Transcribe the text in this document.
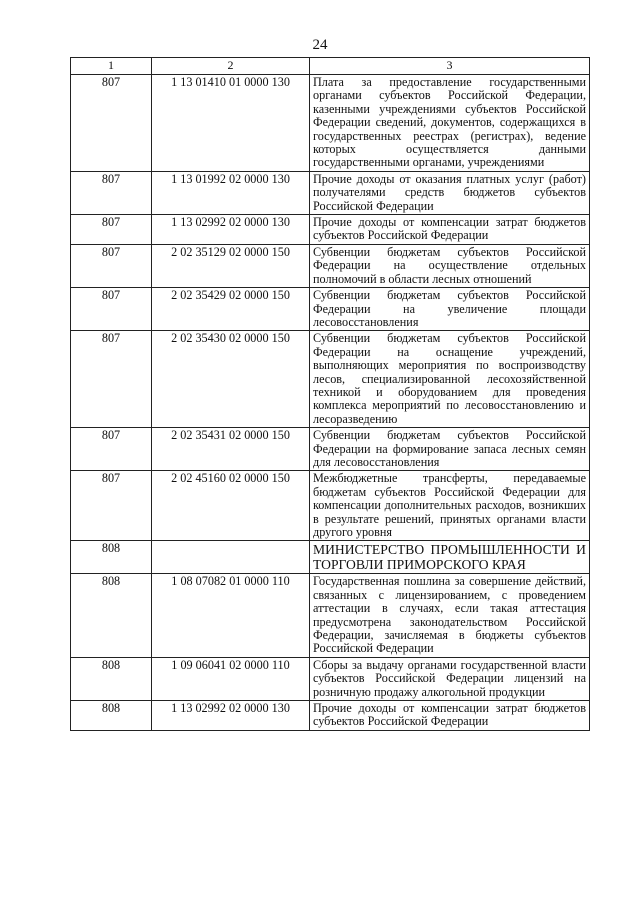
24
1	2	3
807	1 13 01410 01 0000 130	Плата за предоставление государственными органами субъектов Российской Федерации, казенными учреждениями субъектов Российской Федерации сведений, документов, содержащихся в государственных реестрах (регистрах), ведение которых осуществляется данными государственными органами, учреждениями
807	1 13 01992 02 0000 130	Прочие доходы от оказания платных услуг (работ) получателями средств бюджетов субъектов Российской Федерации
807	1 13 02992 02 0000 130	Прочие доходы от компенсации затрат бюджетов субъектов Российской Федерации
807	2 02 35129 02 0000 150	Субвенции бюджетам субъектов Российской Федерации на осуществление отдельных полномочий в области лесных отношений
807	2 02 35429 02 0000 150	Субвенции бюджетам субъектов Российской Федерации на увеличение площади лесовосстановления
807	2 02 35430 02 0000 150	Субвенции бюджетам субъектов Российской Федерации на оснащение учреждений, выполняющих мероприятия по воспроизводству лесов, специализированной лесохозяйственной техникой и оборудованием для проведения комплекса мероприятий по лесовосстановлению и лесоразведению
807	2 02 35431 02 0000 150	Субвенции бюджетам субъектов Российской Федерации на формирование запаса лесных семян для лесовосстановления
807	2 02 45160 02 0000 150	Межбюджетные трансферты, передаваемые бюджетам субъектов Российской Федерации для компенсации дополнительных расходов, возникших в результате решений, принятых органами власти другого уровня
808		МИНИСТЕРСТВО ПРОМЫШЛЕННОСТИ И ТОРГОВЛИ ПРИМОРСКОГО КРАЯ
808	1 08 07082 01 0000 110	Государственная пошлина за совершение действий, связанных с лицензированием, с проведением аттестации в случаях, если такая аттестация предусмотрена законодательством Российской Федерации, зачисляемая в бюджеты субъектов Российской Федерации
808	1 09 06041 02 0000 110	Сборы за выдачу органами государственной власти субъектов Российской Федерации лицензий на розничную продажу алкогольной продукции
808	1 13 02992 02 0000 130	Прочие доходы от компенсации затрат бюджетов субъектов Российской Федерации
